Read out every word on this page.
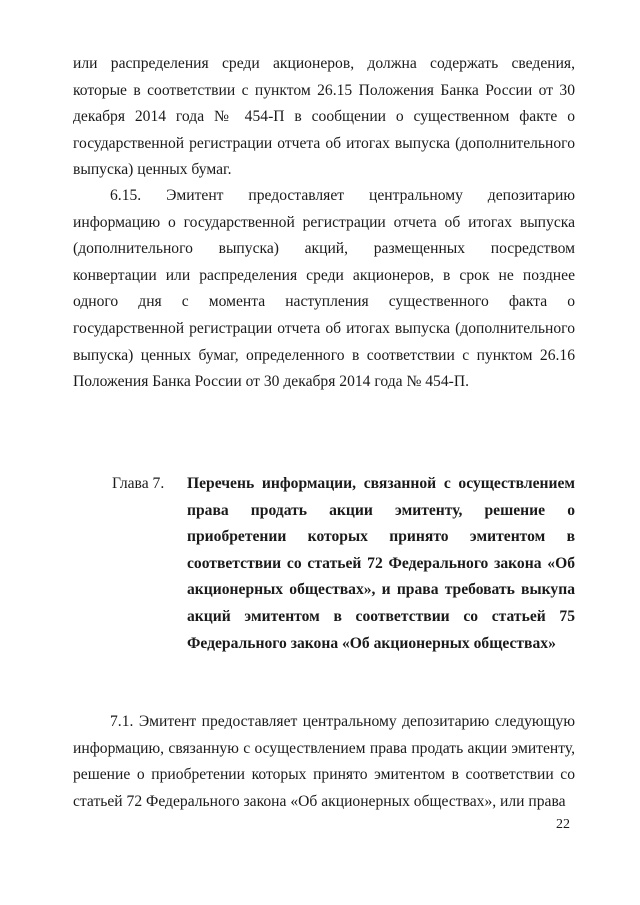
или распределения среди акционеров, должна содержать сведения, которые в соответствии с пунктом 26.15 Положения Банка России от 30 декабря 2014 года № 454-П в сообщении о существенном факте о государственной регистрации отчета об итогах выпуска (дополнительного выпуска) ценных бумаг.

6.15. Эмитент предоставляет центральному депозитарию информацию о государственной регистрации отчета об итогах выпуска (дополнительного выпуска) акций, размещенных посредством конвертации или распределения среди акционеров, в срок не позднее одного дня с момента наступления существенного факта о государственной регистрации отчета об итогах выпуска (дополнительного выпуска) ценных бумаг, определенного в соответствии с пунктом 26.16 Положения Банка России от 30 декабря 2014 года № 454-П.

Глава 7. Перечень информации, связанной с осуществлением права продать акции эмитенту, решение о приобретении которых принято эмитентом в соответствии со статьей 72 Федерального закона «Об акционерных обществах», и права требовать выкупа акций эмитентом в соответствии со статьей 75 Федерального закона «Об акционерных обществах»

7.1. Эмитент предоставляет центральному депозитарию следующую информацию, связанную с осуществлением права продать акции эмитенту, решение о приобретении которых принято эмитентом в соответствии со статьей 72 Федерального закона «Об акционерных обществах», или права

22
